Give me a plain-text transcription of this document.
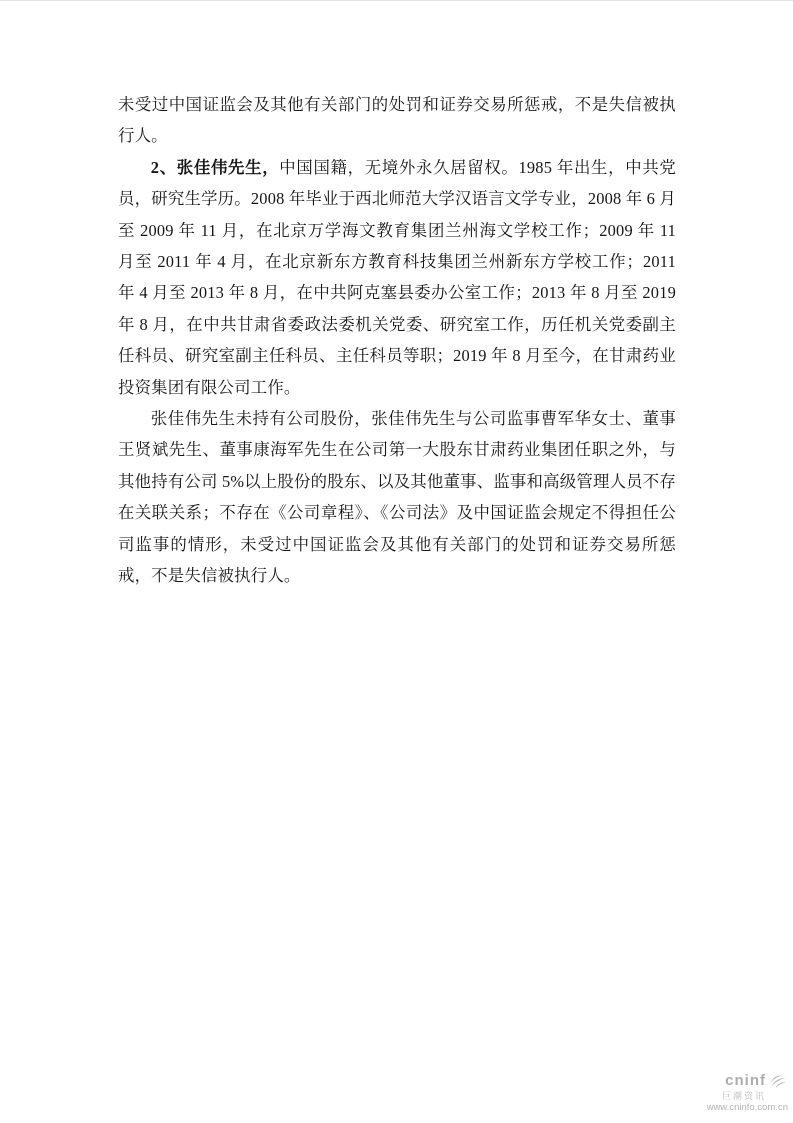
未受过中国证监会及其他有关部门的处罚和证券交易所惩戒，不是失信被执行人。

2、张佳伟先生，中国国籍，无境外永久居留权。1985 年出生，中共党员，研究生学历。2008 年毕业于西北师范大学汉语言文学专业，2008 年 6 月至 2009 年 11 月，在北京万学海文教育集团兰州海文学校工作；2009 年 11 月至 2011 年 4 月，在北京新东方教育科技集团兰州新东方学校工作；2011 年 4 月至 2013 年 8 月，在中共阿克塞县委办公室工作；2013 年 8 月至 2019 年 8 月，在中共甘肃省委政法委机关党委、研究室工作，历任机关党委副主任科员、研究室副主任科员、主任科员等职；2019 年 8 月至今，在甘肃药业投资集团有限公司工作。

张佳伟先生未持有公司股份，张佳伟先生与公司监事曹军华女士、董事王贤斌先生、董事康海军先生在公司第一大股东甘肃药业集团任职之外，与其他持有公司 5%以上股份的股东、以及其他董事、监事和高级管理人员不存在关联关系；不存在《公司章程》、《公司法》及中国证监会规定不得担任公司监事的情形，未受过中国证监会及其他有关部门的处罚和证券交易所惩戒，不是失信被执行人。

cninf
巨潮资讯
www.cninfo.com.cn
